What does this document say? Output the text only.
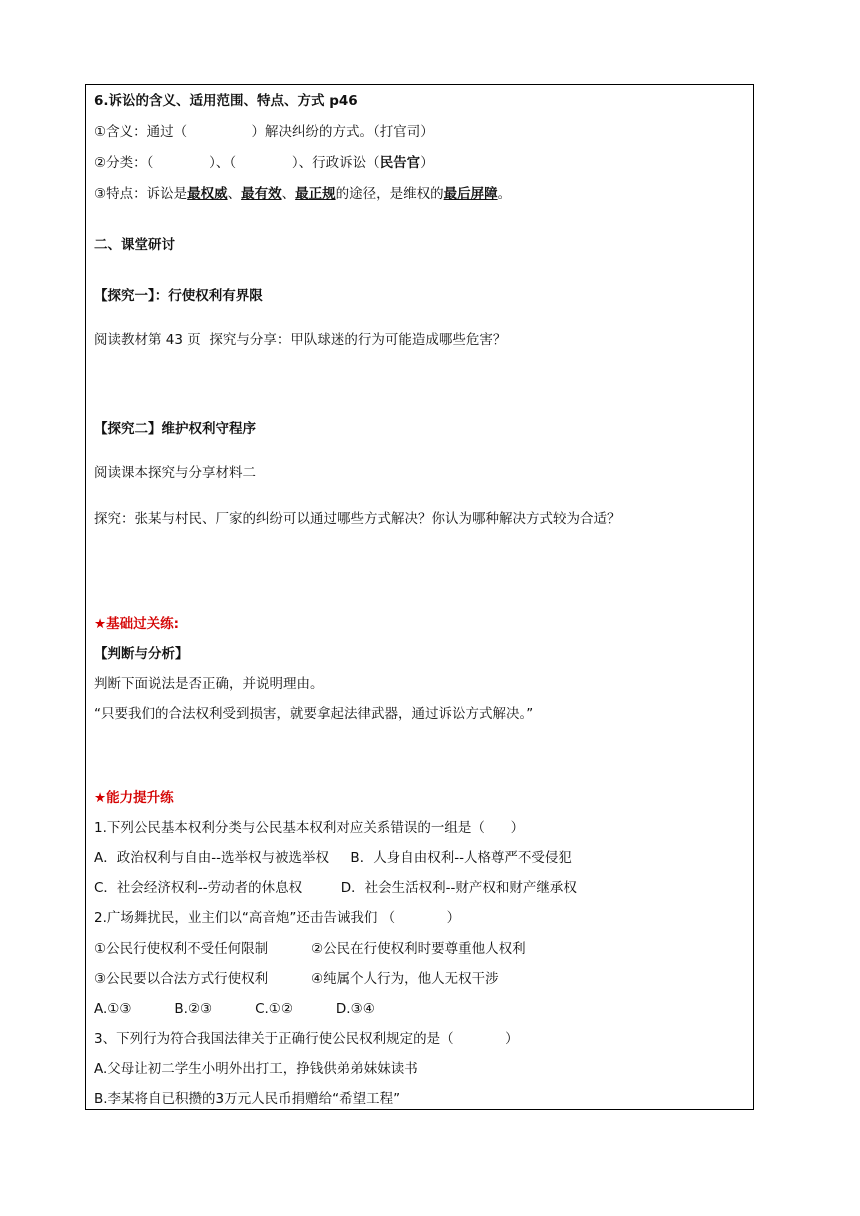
6.诉讼的含义、适用范围、特点、方式 p46
①含义：通过（               ）解决纠纷的方式。（打官司）
②分类：（             ）、（             ）、行政诉讼（民告官）
③特点：诉讼是最权威、最有效、最正规的途径，是维权的最后屏障。
二、课堂研讨
【探究一】：行使权利有界限
阅读教材第 43 页  探究与分享：甲队球迷的行为可能造成哪些危害？
【探究二】维护权利守程序
阅读课本探究与分享材料二
探究：张某与村民、厂家的纠纷可以通过哪些方式解决？你认为哪种解决方式较为合适？
★基础过关练:
【判断与分析】
判断下面说法是否正确，并说明理由。
“只要我们的合法权利受到损害，就要拿起法律武器，通过诉讼方式解决。”
★能力提升练
1.下列公民基本权利分类与公民基本权利对应关系错误的一组是（      ）
A．政治权利与自由--选举权与被选举权     B．人身自由权利--人格尊严不受侵犯
C．社会经济权利--劳动者的休息权         D．社会生活权利--财产权和财产继承权
2.广场舞扰民，业主们以“高音炮”还击告诫我们 （            ）
①公民行使权利不受任何限制          ②公民在行使权利时要尊重他人权利
③公民要以合法方式行使权利          ④纯属个人行为，他人无权干涉
A.①③          B.②③          C.①②          D.③④
3、下列行为符合我国法律关于正确行使公民权利规定的是（            ）
A.父母让初二学生小明外出打工，挣钱供弟弟妹妹读书
B.李某将自已积攒的3万元人民币捐赠给“希望工程”
